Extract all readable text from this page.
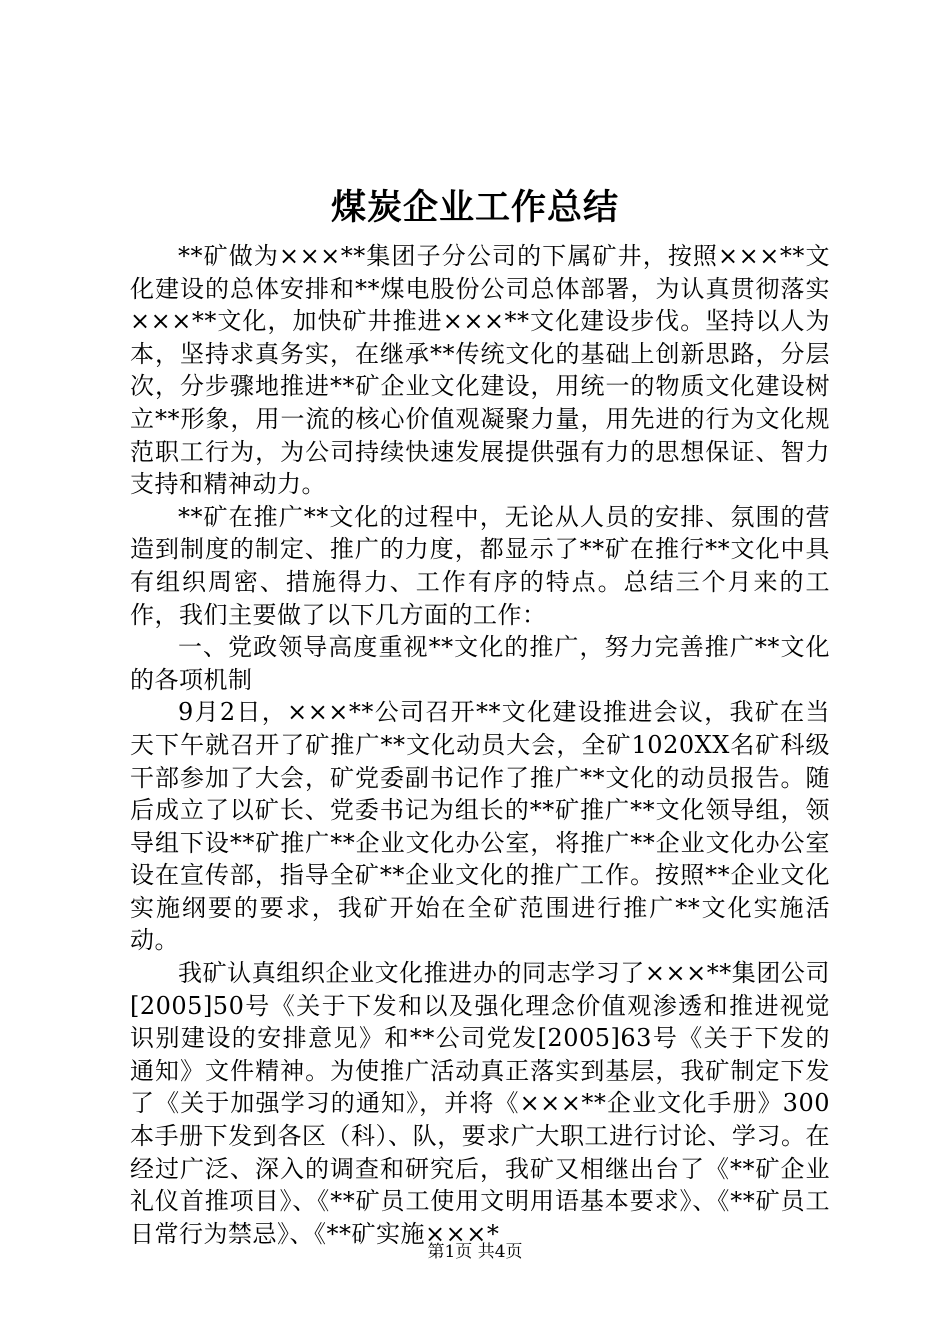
煤炭企业工作总结

**矿做为×××**集团子分公司的下属矿井，按照×××**文化建设的总体安排和**煤电股份公司总体部署，为认真贯彻落实×××**文化，加快矿井推进×××**文化建设步伐。坚持以人为本，坚持求真务实，在继承**传统文化的基础上创新思路，分层次，分步骤地推进**矿企业文化建设，用统一的物质文化建设树立**形象，用一流的核心价值观凝聚力量，用先进的行为文化规范职工行为，为公司持续快速发展提供强有力的思想保证、智力支持和精神动力。

**矿在推广**文化的过程中，无论从人员的安排、氛围的营造到制度的制定、推广的力度，都显示了**矿在推行**文化中具有组织周密、措施得力、工作有序的特点。总结三个月来的工作，我们主要做了以下几方面的工作：

一、党政领导高度重视**文化的推广，努力完善推广**文化的各项机制

9月2日，×××**公司召开**文化建设推进会议，我矿在当天下午就召开了矿推广**文化动员大会，全矿1020XX名矿科级干部参加了大会，矿党委副书记作了推广**文化的动员报告。随后成立了以矿长、党委书记为组长的**矿推广**文化领导组，领导组下设**矿推广**企业文化办公室，将推广**企业文化办公室设在宣传部，指导全矿**企业文化的推广工作。按照**企业文化实施纲要的要求，我矿开始在全矿范围进行推广**文化实施活动。

我矿认真组织企业文化推进办的同志学习了×××**集团公司[2005]50号《关于下发和以及强化理念价值观渗透和推进视觉识别建设的安排意见》和**公司党发[2005]63号《关于下发的通知》文件精神。为使推广活动真正落实到基层，我矿制定下发了《关于加强学习的通知》，并将《×××**企业文化手册》300本手册下发到各区（科）、队，要求广大职工进行讨论、学习。在经过广泛、深入的调查和研究后，我矿又相继出台了《**矿企业礼仪首推项目》、《**矿员工使用文明用语基本要求》、《**矿员工日常行为禁忌》、《**矿实施×××*

第1页 共4页
